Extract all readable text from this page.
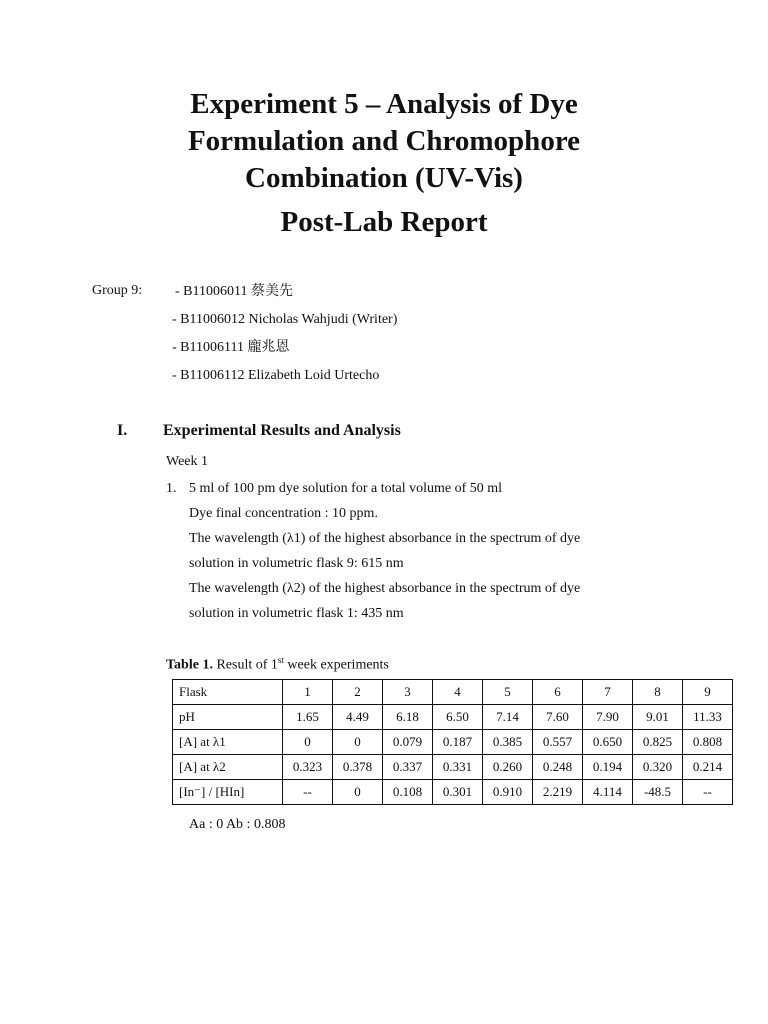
Experiment 5 – Analysis of Dye
Formulation and Chromophore
Combination (UV-Vis)
Post-Lab Report
Group 9: - B11006011 蔡美先
- B11006012 Nicholas Wahjudi (Writer)
- B11006111 龐兆恩
- B11006112 Elizabeth Loid Urtecho
I. Experimental Results and Analysis
Week 1
1. 5 ml of 100 pm dye solution for a total volume of 50 ml
Dye final concentration : 10 ppm.
The wavelength (λ1) of the highest absorbance in the spectrum of dye
solution in volumetric flask 9: 615 nm
The wavelength (λ2) of the highest absorbance in the spectrum of dye
solution in volumetric flask 1: 435 nm
Table 1. Result of 1st week experiments
Flask	1	2	3	4	5	6	7	8	9
pH	1.65	4.49	6.18	6.50	7.14	7.60	7.90	9.01	11.33
[A] at λ1	0	0	0.079	0.187	0.385	0.557	0.650	0.825	0.808
[A] at λ2	0.323	0.378	0.337	0.331	0.260	0.248	0.194	0.320	0.214
[In⁻] / [HIn]	--	0	0.108	0.301	0.910	2.219	4.114	-48.5	--
Aa : 0 Ab : 0.808
